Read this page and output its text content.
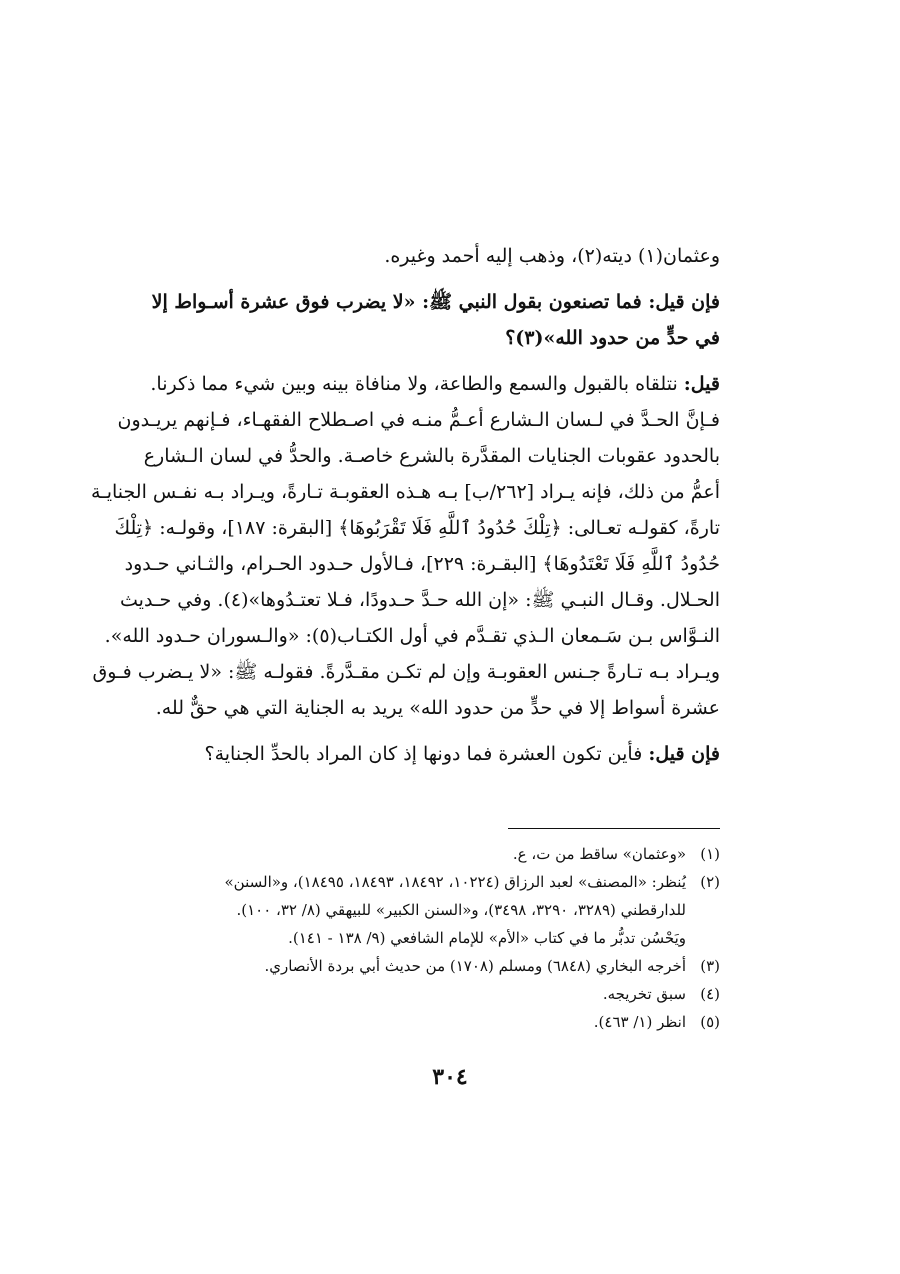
وعثمان(١) ديته(٢)، وذهب إليه أحمد وغيره.

فإن قيل: فما تصنعون بقول النبي ﷺ: «لا يضرب فوق عشرة أسـواط إلا
في حدٍّ من حدود الله»(٣)؟

قيل: نتلقاه بالقبول والسمع والطاعة، ولا منافاة بينه وبين شيء مما ذكرنا.
فـإنَّ الحـدَّ في لـسان الـشارع أعـمُّ منـه في اصـطلاح الفقهـاء، فـإنهم يريـدون
بالحدود عقوبات الجنايات المقدَّرة بالشرع خاصـة. والحدُّ في لسان الـشارع
أعمُّ من ذلك، فإنه يـراد [٢٦٢/ب] بـه هـذه العقوبـة تـارةً، ويـراد بـه نفـس الجنايـة
تارةً، كقولـه تعـالى: ﴿تِلْكَ حُدُودُ ٱللَّهِ فَلَا تَقْرَبُوهَا﴾ [البقرة: ١٨٧]، وقولـه: ﴿تِلْكَ
حُدُودُ ٱللَّهِ فَلَا تَعْتَدُوهَا﴾ [البقـرة: ٢٢٩]، فـالأول حـدود الحـرام، والثـاني حـدود
الحـلال. وقـال النبـي ﷺ: «إن الله حـدَّ حـدودًا، فـلا تعتـدُوها»(٤). وفي حـديث
النـوَّاس بـن سَـمعان الـذي تقـدَّم في أول الكتـاب(٥): «والـسوران حـدود الله».
ويـراد بـه تـارةً جـنس العقوبـة وإن لم تكـن مقـدَّرةً. فقولـه ﷺ: «لا يـضرب فـوق
عشرة أسواط إلا في حدٍّ من حدود الله» يريد به الجناية التي هي حقٌّ لله.

فإن قيل: فأين تكون العشرة فما دونها إذ كان المراد بالحدِّ الجناية؟

(١)«وعثمان» ساقط من ت، ع.
(٢)يُنظر: «المصنف» لعبد الرزاق (١٠٢٢٤، ١٨٤٩٢، ١٨٤٩٣، ١٨٤٩٥)، و«السنن»
للدارقطني (٣٢٨٩، ٣٢٩٠، ٣٤٩٨)، و«السنن الكبير» للبيهقي (٨/ ٣٢، ١٠٠).
ويَحْسُن تدبُّر ما في كتاب «الأم» للإمام الشافعي (٩/ ١٣٨ - ١٤١).
(٣)أخرجه البخاري (٦٨٤٨) ومسلم (١٧٠٨) من حديث أبي بردة الأنصاري.
(٤)سبق تخريجه.
(٥)انظر (١/ ٤٦٣).
٣٠٤
